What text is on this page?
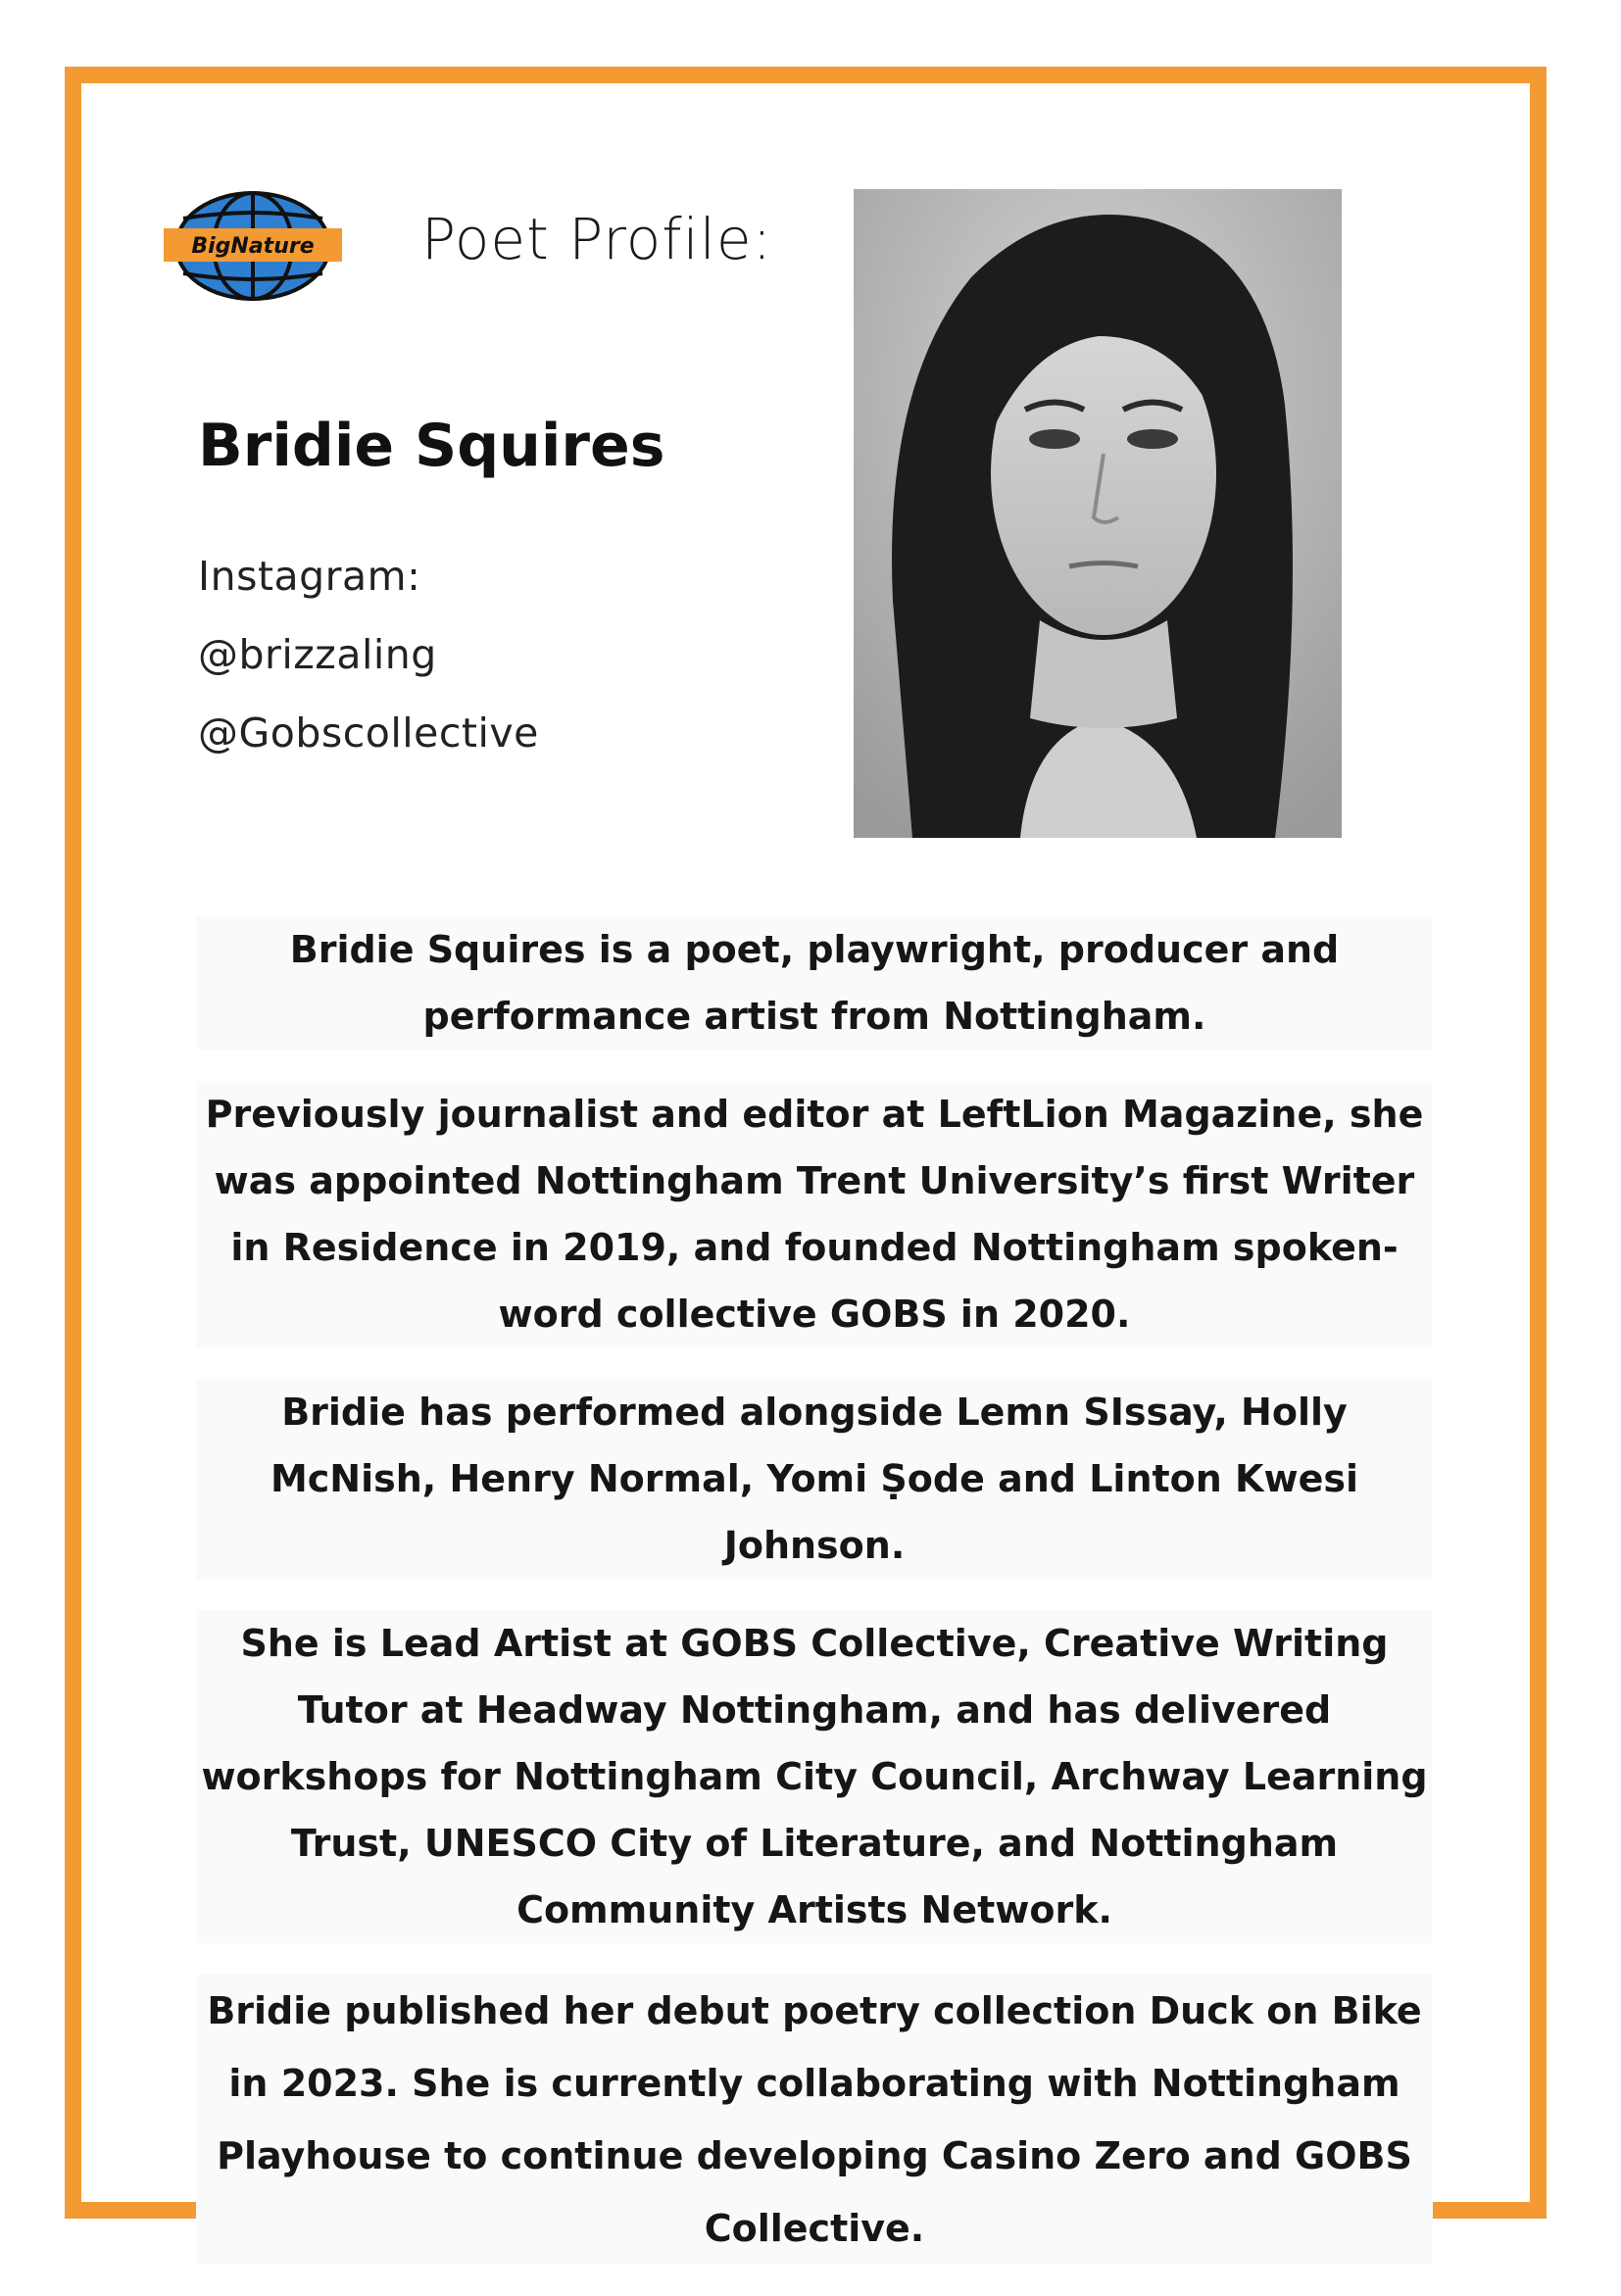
BigNature Poet Profile:
Bridie Squires
Instagram:
@brizzaling
@Gobscollective

Bridie Squires is a poet, playwright, producer and performance artist from Nottingham.

Previously journalist and editor at LeftLion Magazine, she was appointed Nottingham Trent University’s first Writer in Residence in 2019, and founded Nottingham spoken-word collective GOBS in 2020.

Bridie has performed alongside Lemn SIssay, Holly McNish, Henry Normal, Yomi Ṣode and Linton Kwesi Johnson.

She is Lead Artist at GOBS Collective, Creative Writing Tutor at Headway Nottingham, and has delivered workshops for Nottingham City Council, Archway Learning Trust, UNESCO City of Literature, and Nottingham Community Artists Network.

Bridie published her debut poetry collection Duck on Bike in 2023. She is currently collaborating with Nottingham Playhouse to continue developing Casino Zero and GOBS Collective.
